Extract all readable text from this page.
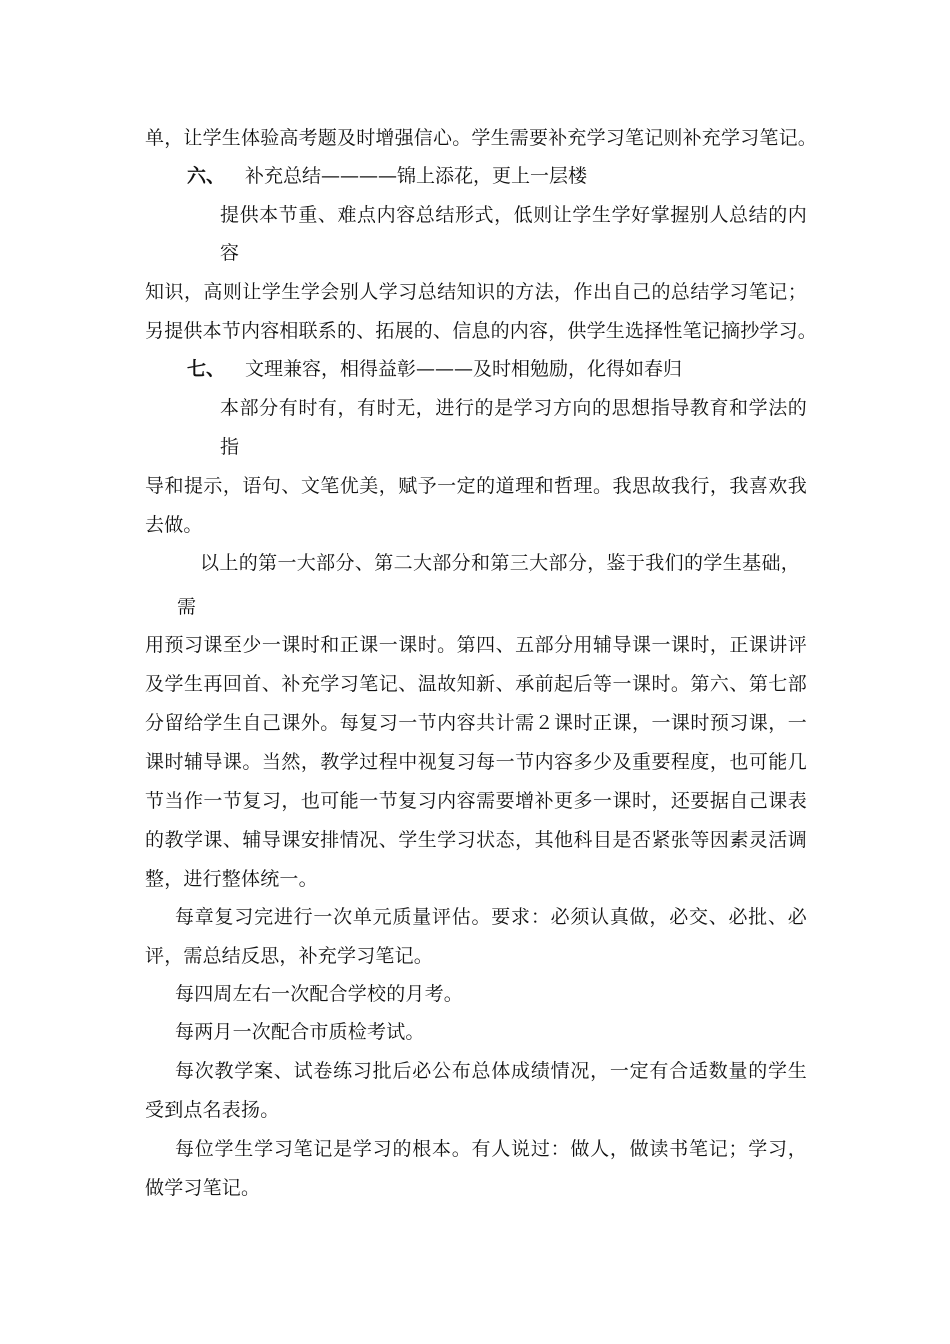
单，让学生体验高考题及时增强信心。学生需要补充学习笔记则补充学习笔记。
六、 补充总结————锦上添花，更上一层楼
提供本节重、难点内容总结形式，低则让学生学好掌握别人总结的内
容
知识，高则让学生学会别人学习总结知识的方法，作出自己的总结学习笔记；
另提供本节内容相联系的、拓展的、信息的内容，供学生选择性笔记摘抄学习。
七、 文理兼容，相得益彰———及时相勉励，化得如春归
本部分有时有，有时无，进行的是学习方向的思想指导教育和学法的
指
导和提示，语句、文笔优美，赋予一定的道理和哲理。我思故我行，我喜欢我
去做。
以上的第一大部分、第二大部分和第三大部分，鉴于我们的学生基础，
需
用预习课至少一课时和正课一课时。第四、五部分用辅导课一课时，正课讲评
及学生再回首、补充学习笔记、温故知新、承前起后等一课时。第六、第七部
分留给学生自己课外。每复习一节内容共计需２课时正课，一课时预习课，一
课时辅导课。当然，教学过程中视复习每一节内容多少及重要程度，也可能几
节当作一节复习，也可能一节复习内容需要增补更多一课时，还要据自己课表
的教学课、辅导课安排情况、学生学习状态，其他科目是否紧张等因素灵活调
整，进行整体统一。
每章复习完进行一次单元质量评估。要求：必须认真做，必交、必批、必
评，需总结反思，补充学习笔记。
每四周左右一次配合学校的月考。
每两月一次配合市质检考试。
每次教学案、试卷练习批后必公布总体成绩情况，一定有合适数量的学生
受到点名表扬。
每位学生学习笔记是学习的根本。有人说过：做人，做读书笔记；学习，
做学习笔记。
